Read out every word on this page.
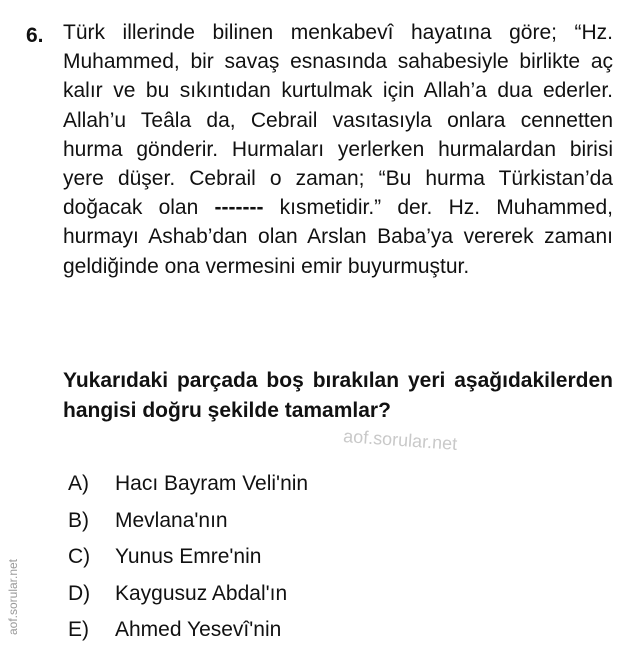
6. Türk illerinde bilinen menkabevî hayatına göre; “Hz. Muhammed, bir savaş esnasında sahabesiyle birlikte aç kalır ve bu sıkıntıdan kurtulmak için Allah’a dua ederler. Allah’u Teâla da, Cebrail vasıtasıyla onlara cennetten hurma gönderir. Hurmaları yerlerken hurmalardan birisi yere düşer. Cebrail o zaman; “Bu hurma Türkistan’da doğacak olan ------- kısmetidir.” der. Hz. Muhammed, hurmayı Ashab’dan olan Arslan Baba’ya vererek zamanı geldiğinde ona vermesini emir buyurmuştur.

Yukarıdaki parçada boş bırakılan yeri aşağıdakilerden hangisi doğru şekilde tamamlar?

aof.sorular.net
aof.sorular.net
A)	Hacı Bayram Veli'nin
B)	Mevlana'nın
C)	Yunus Emre'nin
D)	Kaygusuz Abdal'ın
E)	Ahmed Yesevî'nin
